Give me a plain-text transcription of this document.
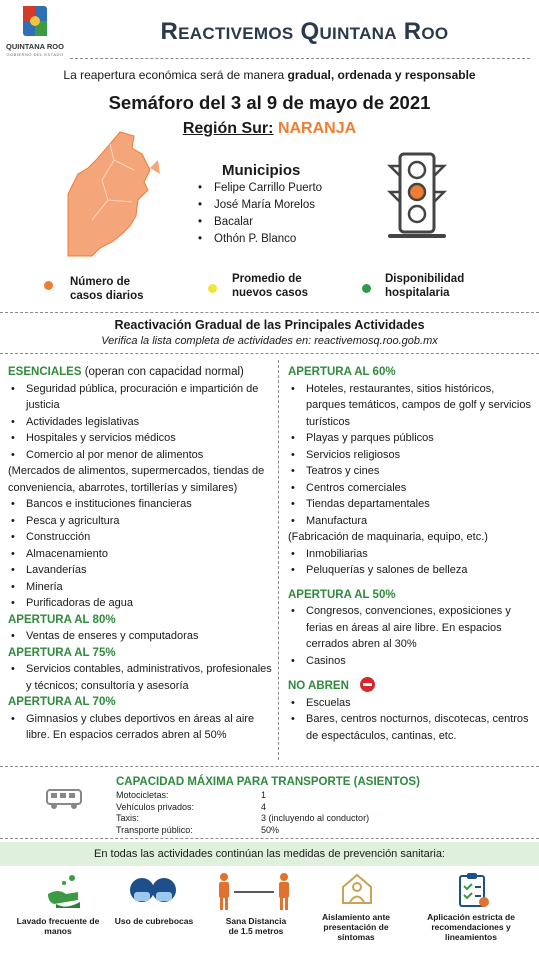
QUINTANA ROO
GOBIERNO DEL ESTADO
Reactivemos Quintana Roo
La reapertura económica será de manera gradual, ordenada y responsable
Semáforo del 3 al 9 de mayo de 2021
Región Sur: NARANJA
Municipios
• Felipe Carrillo Puerto
• José María Morelos
• Bacalar
• Othón P. Blanco
Número de
casos diarios
Promedio de
nuevos casos
Disponibilidad
hospitalaria
Reactivación Gradual de las Principales Actividades
Verifica la lista completa de actividades en: reactivemosq.roo.gob.mx
ESENCIALES (operan con capacidad normal)
• Seguridad pública, procuración e impartición de justicia
• Actividades legislativas
• Hospitales y servicios médicos
• Comercio al por menor de alimentos

(Mercados de alimentos, supermercados, tiendas de conveniencia, abarrotes, tortillerías y similares)

• Bancos e instituciones financieras
• Pesca y agricultura
• Construcción
• Almacenamiento
• Lavanderías
• Minería
• Purificadoras de agua
APERTURA AL 80%
• Ventas de enseres y computadoras
APERTURA AL 75%
• Servicios contables, administrativos, profesionales y técnicos; consultoría y asesoría
APERTURA AL 70%
• Gimnasios y clubes deportivos en áreas al aire libre. En espacios cerrados abren al 50%
APERTURA AL 60%
• Hoteles, restaurantes, sitios históricos, parques temáticos, campos de golf y servicios turísticos
• Playas y parques públicos
• Servicios religiosos
• Teatros y cines
• Centros comerciales
• Tiendas departamentales
• Manufactura

(Fabricación de maquinaria, equipo, etc.)

• Inmobiliarias
• Peluquerías y salones de belleza
APERTURA AL 50%
• Congresos, convenciones, exposiciones y ferias en áreas al aire libre. En espacios cerrados abren al 30%
• Casinos
NO ABREN
• Escuelas
• Bares, centros nocturnos, discotecas, centros de espectáculos, cantinas, etc.
CAPACIDAD MÁXIMA PARA TRANSPORTE (ASIENTOS)
Motocicletas:	1
Vehículos privados:	4
Taxis:	3 (incluyendo al conductor)
Transporte público:	50%
En todas las actividades continúan las medidas de prevención sanitaria:
Lavado frecuente de
manos
Uso de cubrebocas	Sana Distancia
de 1.5 metros
Aislamiento ante
presentación de
síntomas
Aplicación estricta de
recomendaciones y
lineamientos
